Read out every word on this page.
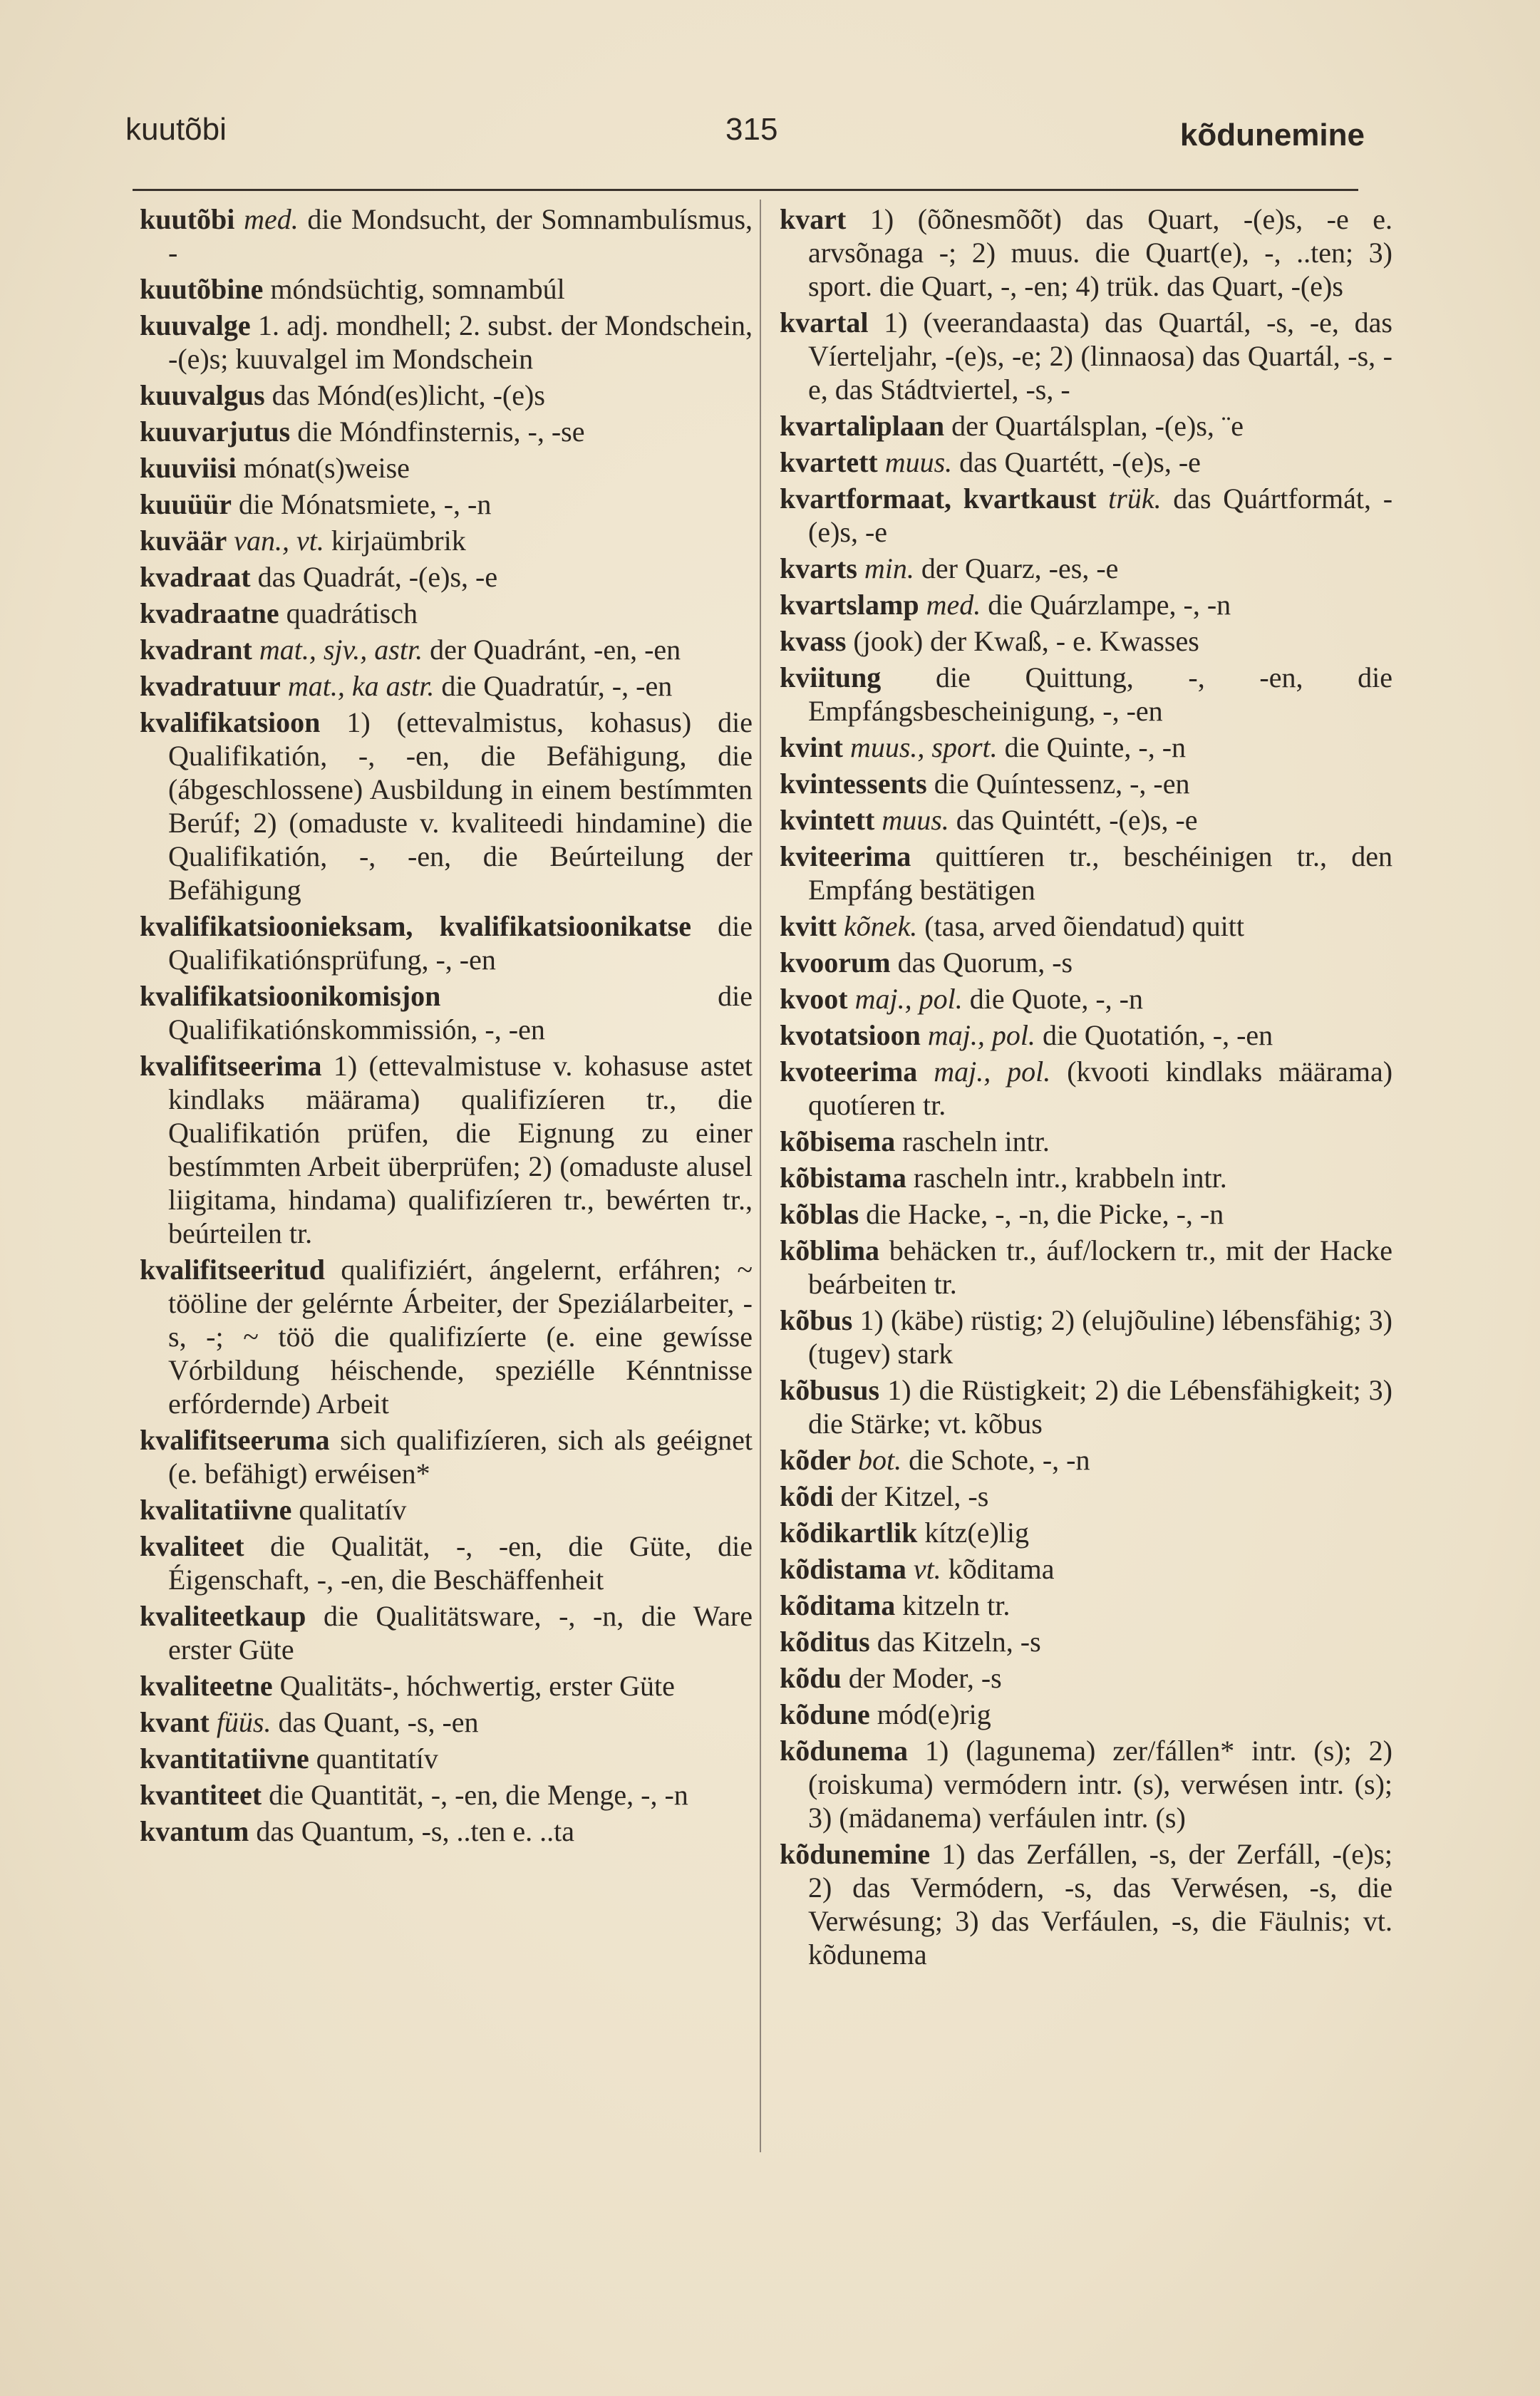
kuutõbi	315	kõdunemine

kuutõbi med. die Mondsucht, der Somnambulísmus, -

kuutõbine móndsüchtig, somnambúl

kuuvalge 1. adj. mondhell; 2. subst. der Mondschein, -(e)s; kuuvalgel im Mondschein

kuuvalgus das Mónd(es)licht, -(e)s

kuuvarjutus die Móndfinsternis, -, -se

kuuviisi mónat(s)weise

kuuüür die Mónatsmiete, -, -n

kuväär van., vt. kirjaümbrik

kvadraat das Quadrát, -(e)s, -e

kvadraatne quadrátisch

kvadrant mat., sjv., astr. der Quadránt, -en, -en

kvadratuur mat., ka astr. die Quadratúr, -, -en

kvalifikatsioon 1) (ettevalmistus, kohasus) die Qualifikatión, -, -en, die Befähigung, die (ábgeschlossene) Ausbildung in einem bestímmten Berúf; 2) (omaduste v. kvaliteedi hindamine) die Qualifikatión, -, -en, die Beúrteilung der Befähigung

kvalifikatsioonieksam, kvalifikatsioonikatse die Qualifikatiónsprüfung, -, -en

kvalifikatsioonikomisjon	die Qualifikatiónskommissión, -, -en

kvalifitseerima 1) (ettevalmistuse v. kohasuse astet kindlaks määrama) qualifizíeren tr., die Qualifikatión prüfen, die Eignung zu einer bestímmten Arbeit überprüfen; 2) (omaduste alusel liigitama, hindama) qualifizíeren tr., bewérten tr., beúrteilen tr.

kvalifitseeritud qualifiziért, ángelernt, erfáhren; ~ tööline der gelérnte Árbeiter, der Speziálarbeiter, -s, -; ~ töö die qualifizíerte (e. eine gewísse Vórbildung héischende, speziélle Kénntnisse erfórdernde) Arbeit

kvalifitseeruma sich qualifizíeren, sich als geéignet (e. befähigt) erwéisen*

kvalitatiivne qualitatív

kvaliteet die Qualität, -, -en, die Güte, die Éigenschaft, -, -en, die Beschäffenheit

kvaliteetkaup die Qualitätsware, -, -n, die Ware erster Güte

kvaliteetne Qualitäts-, hóchwertig, erster Güte

kvant füüs. das Quant, -s, -en

kvantitatiivne quantitatív

kvantiteet die Quantität, -, -en, die Menge, -, -n

kvantum das Quantum, -s, ..ten e. ..ta

kvart 1) (õõnesmõõt) das Quart, -(e)s, -e e. arvsõnaga -; 2) muus. die Quart(e), -, ..ten; 3) sport. die Quart, -, -en; 4) trük. das Quart, -(e)s

kvartal 1) (veerandaasta) das Quartál, -s, -e, das Víerteljahr, -(e)s, -e; 2) (linnaosa) das Quartál, -s, -e, das Stádtviertel, -s, -

kvartaliplaan der Quartálsplan, -(e)s, ¨e

kvartett muus. das Quartétt, -(e)s, -e

kvartformaat, kvartkaust trük. das Quártformát, -(e)s, -e

kvarts min. der Quarz, -es, -e

kvartslamp med. die Quárzlampe, -, -n

kvass (jook) der Kwaß, - e. Kwasses

kviitung die Quittung, -, -en, die Empfángsbescheinigung, -, -en

kvint muus., sport. die Quinte, -, -n

kvintessents die Quíntessenz, -, -en

kvintett muus. das Quintétt, -(e)s, -e

kviteerima quittíeren tr., beschéinigen tr., den Empfáng bestätigen

kvitt kõnek. (tasa, arved õiendatud) quitt

kvoorum das Quorum, -s

kvoot maj., pol. die Quote, -, -n

kvotatsioon maj., pol. die Quotatión, -, -en

kvoteerima maj., pol. (kvooti kindlaks määrama) quotíeren tr.

kõbisema rascheln intr.

kõbistama rascheln intr., krabbeln intr.

kõblas die Hacke, -, -n, die Picke, -, -n

kõblima behäcken tr., áuf/lockern tr., mit der Hacke beárbeiten tr.

kõbus 1) (käbe) rüstig; 2) (elujõuline) lébensfähig; 3) (tugev) stark

kõbusus 1) die Rüstigkeit; 2) die Lébensfähigkeit; 3) die Stärke; vt. kõbus

kõder bot. die Schote, -, -n

kõdi der Kitzel, -s

kõdikartlik kítz(e)lig

kõdistama vt. kõditama

kõditama kitzeln tr.

kõditus das Kitzeln, -s

kõdu der Moder, -s

kõdune mód(e)rig

kõdunema 1) (lagunema) zer/fállen* intr. (s); 2) (roiskuma) vermódern intr. (s), verwésen intr. (s); 3) (mädanema) verfáulen intr. (s)

kõdunemine 1) das Zerfállen, -s, der Zerfáll, -(e)s; 2) das Vermódern, -s, das Verwésen, -s, die Verwésung; 3) das Verfáulen, -s, die Fäulnis; vt. kõdunema
